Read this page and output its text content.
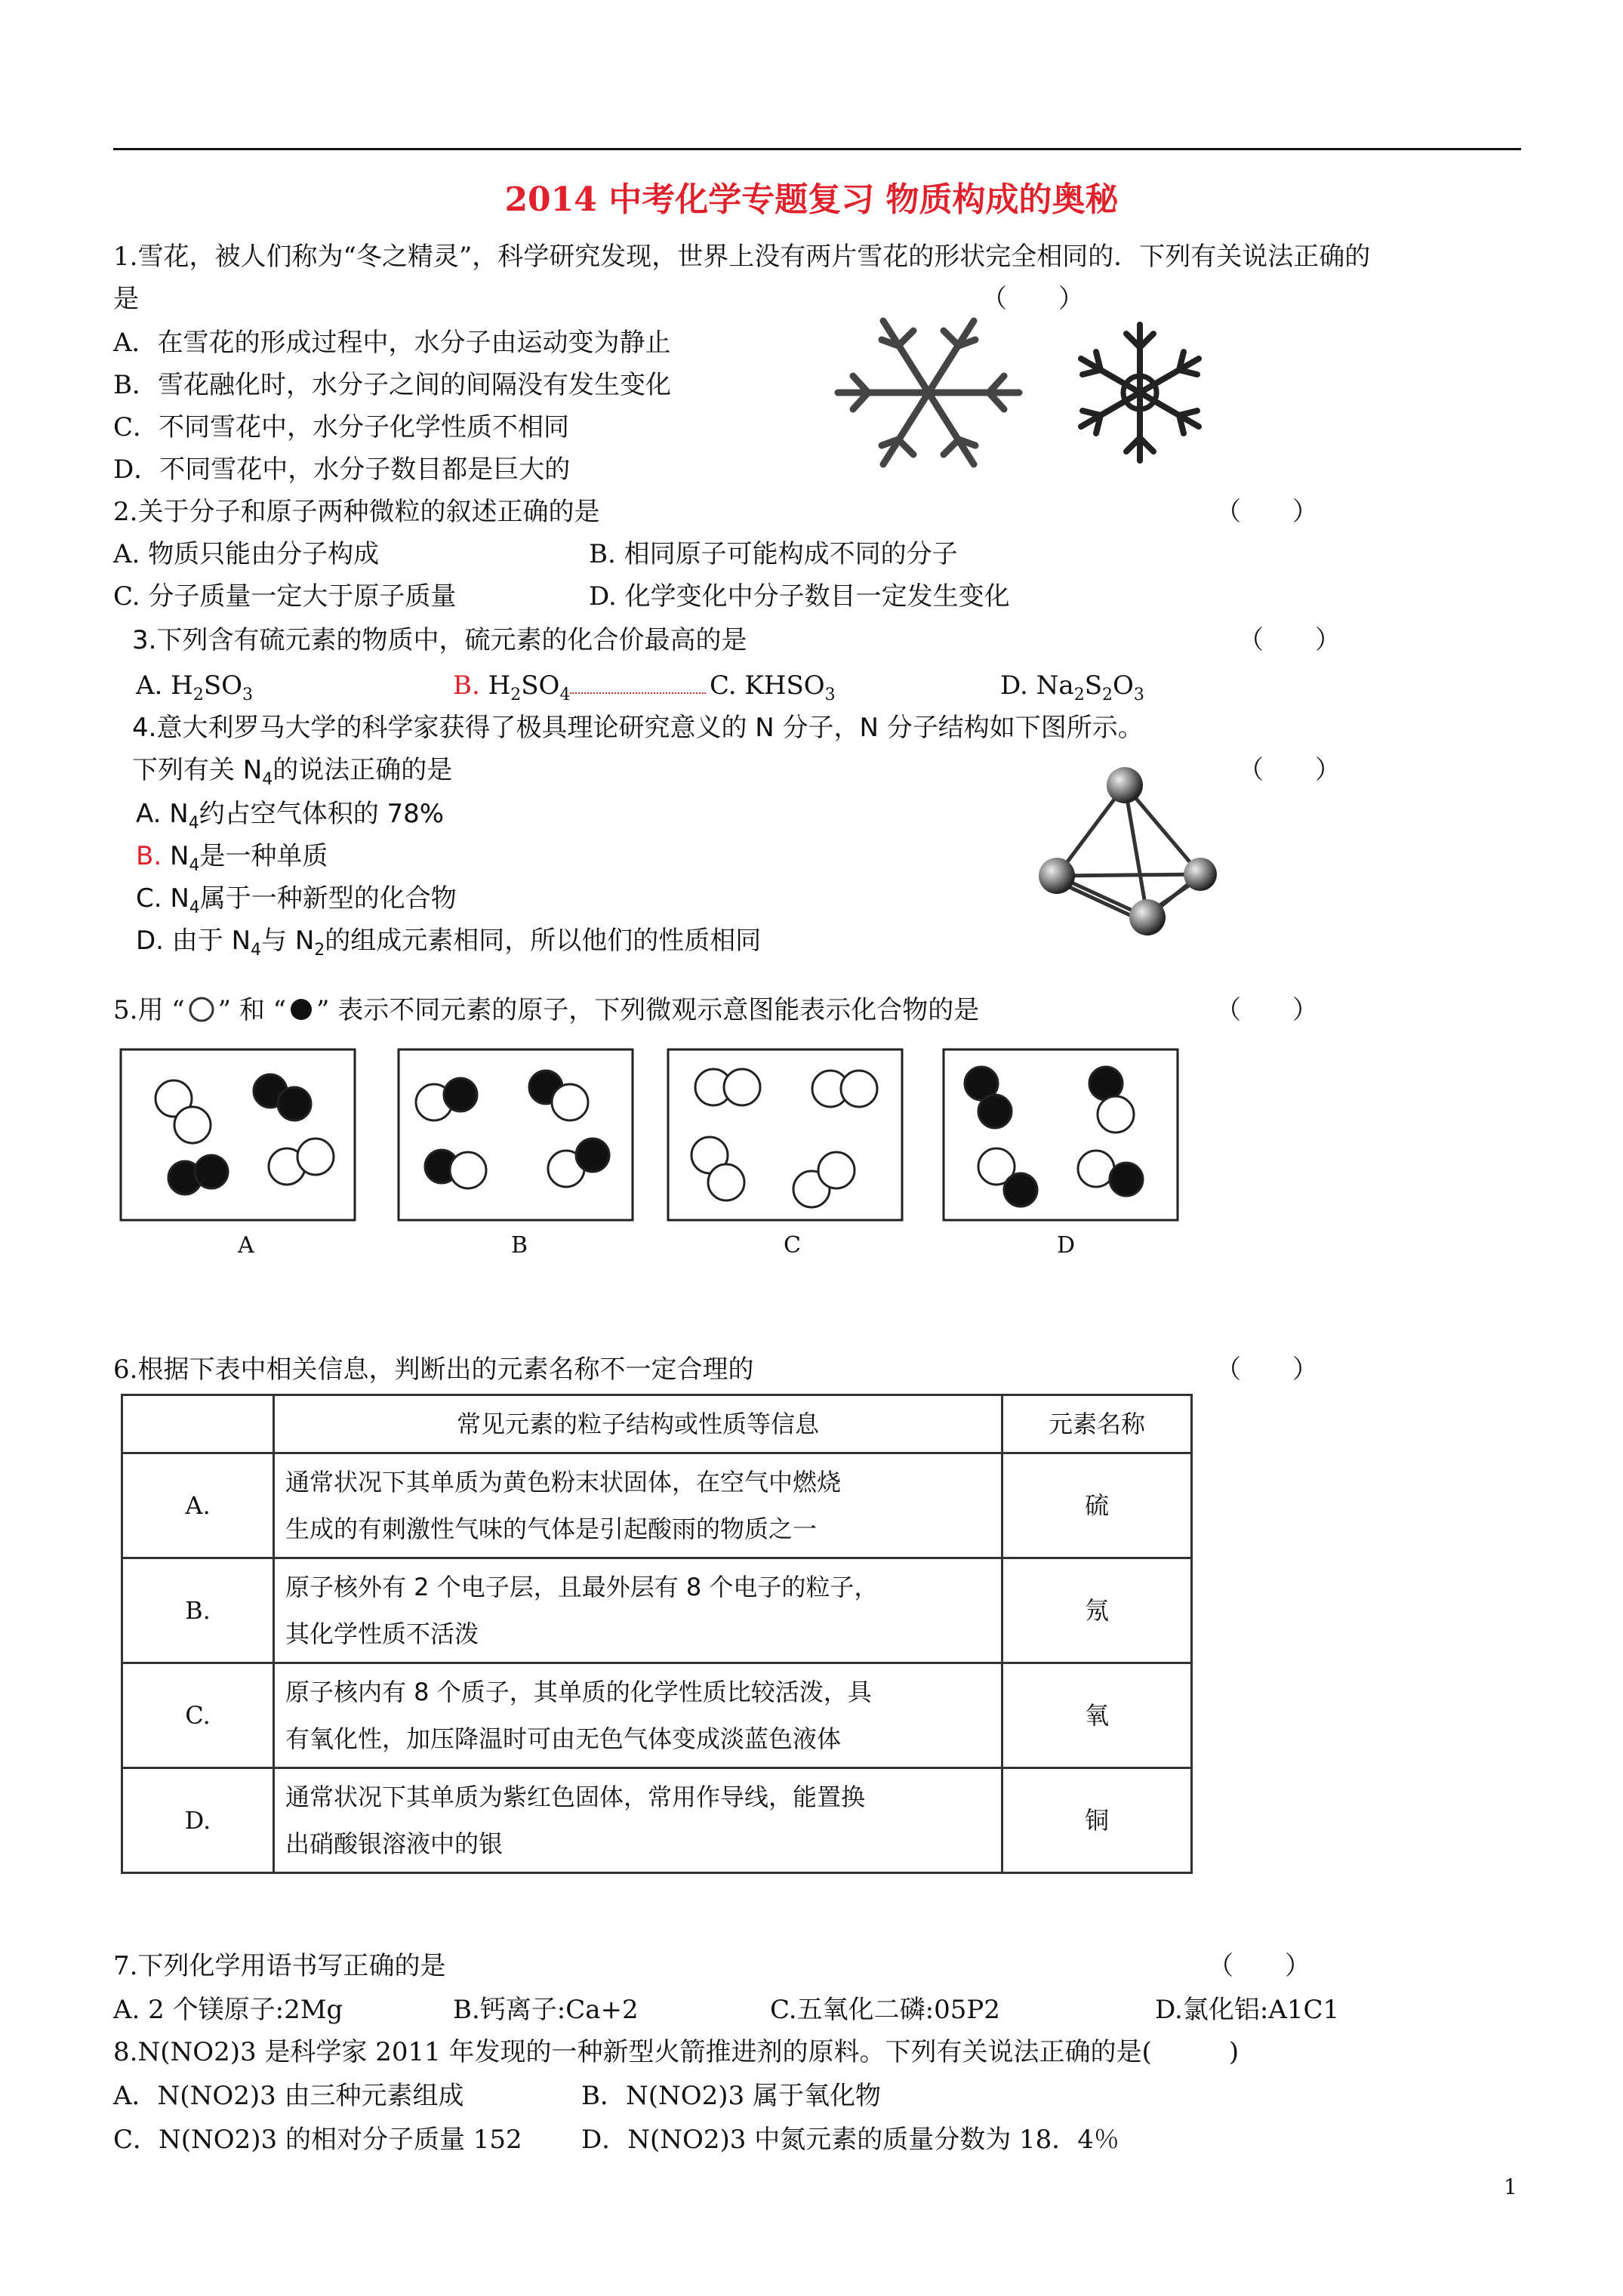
2014 中考化学专题复习 物质构成的奥秘
1.雪花，被人们称为“冬之精灵”，科学研究发现，世界上没有两片雪花的形状完全相同的．下列有关说法正确的
是	（　　）
A．在雪花的形成过程中，水分子由运动变为静止
B．雪花融化时，水分子之间的间隔没有发生变化
C．不同雪花中，水分子化学性质不相同
D．不同雪花中，水分子数目都是巨大的
2.关于分子和原子两种微粒的叙述正确的是	（　　）
A. 物质只能由分子构成	B. 相同原子可能构成不同的分子
C. 分子质量一定大于原子质量	D. 化学变化中分子数目一定发生变化
3.下列含有硫元素的物质中，硫元素的化合价最高的是	（　　）
A. $H_2SO_3$	B. $H_2SO_4$	C. $KHSO_3$	D. $Na_2S_2O_3$
4.意大利罗马大学的科学家获得了极具理论研究意义的 N 分子，N 分子结构如下图所示。
下列有关 $N_4$的说法正确的是	（　　）
A. $N_4$约占空气体积的 78%
B. $N_4$是一种单质
C. $N_4$属于一种新型的化合物
D. 由于 $N_4$与 $N_2$的组成元素相同，所以他们的性质相同
5.用 “ ” 和 “ ” 表示不同元素的原子，下列微观示意图能表示化合物的是	（　　）
A	B	C	D
6.根据下表中相关信息，判断出的元素名称不一定合理的	（　　）
	常见元素的粒子结构或性质等信息	元素名称
A.	通常状况下其单质为黄色粉末状固体，在空气中燃烧
生成的有刺激性气味的气体是引起酸雨的物质之一	硫
B.	原子核外有 2 个电子层，且最外层有 8 个电子的粒子，
其化学性质不活泼	氖
C.	原子核内有 8 个质子，其单质的化学性质比较活泼，具
有氧化性，加压降温时可由无色气体变成淡蓝色液体	氧
D.	通常状况下其单质为紫红色固体，常用作导线，能置换
出硝酸银溶液中的银	铜
7.下列化学用语书写正确的是	（　　）
A. 2 个镁原子:2Mg	B.钙离子:Ca+2	C.五氧化二磷:05P2	D.氯化铝:A1C1
8.N(NO2)3 是科学家 2011 年发现的一种新型火箭推进剂的原料。下列有关说法正确的是(　　　)
A．N(NO2)3 由三种元素组成	B．N(NO2)3 属于氧化物
C．N(NO2)3 的相对分子质量 152 D．N(NO2)3 中氮元素的质量分数为 18．4％
1
